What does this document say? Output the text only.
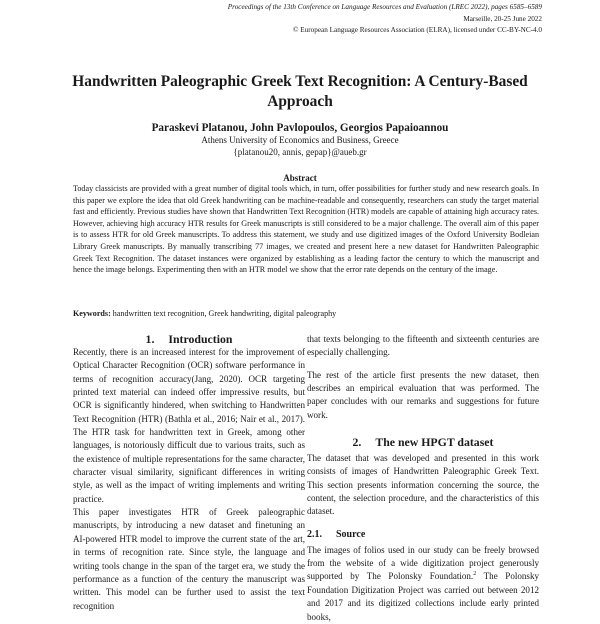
Proceedings of the 13th Conference on Language Resources and Evaluation (LREC 2022), pages 6585–6589
Marseille, 20-25 June 2022
© European Language Resources Association (ELRA), licensed under CC-BY-NC-4.0
Handwritten Paleographic Greek Text Recognition: A Century-Based Approach
Paraskevi Platanou, John Pavlopoulos, Georgios Papaioannou
Athens University of Economics and Business, Greece
{platanou20, annis, gepap}@aueb.gr
Abstract
Today classicists are provided with a great number of digital tools which, in turn, offer possibilities for further study and new research goals. In this paper we explore the idea that old Greek handwriting can be machine-readable and consequently, researchers can study the target material fast and efficiently. Previous studies have shown that Handwritten Text Recognition (HTR) models are capable of attaining high accuracy rates. However, achieving high accuracy HTR results for Greek manuscripts is still considered to be a major challenge. The overall aim of this paper is to assess HTR for old Greek manuscripts. To address this statement, we study and use digitized images of the Oxford University Bodleian Library Greek manuscripts. By manually transcribing 77 images, we created and present here a new dataset for Handwritten Paleographic Greek Text Recognition. The dataset instances were organized by establishing as a leading factor the century to which the manuscript and hence the image belongs. Experimenting then with an HTR model we show that the error rate depends on the century of the image.
Keywords: handwritten text recognition, Greek handwriting, digital paleography
1. Introduction

Recently, there is an increased interest for the improvement of Optical Character Recognition (OCR) software performance in terms of recognition accuracy(Jang, 2020). OCR targeting printed text material can indeed offer impressive results, but OCR is significantly hindered, when switching to Handwritten Text Recognition (HTR) (Bathla et al., 2016; Nair et al., 2017). The HTR task for handwritten text in Greek, among other languages, is notoriously difficult due to various traits, such as the existence of multiple representations for the same character, character visual similarity, significant differences in writing style, as well as the impact of writing implements and writing practice.

This paper investigates HTR of Greek paleographic manuscripts, by introducing a new dataset and finetuning an AI-powered HTR model to improve the current state of the art, in terms of recognition rate. Since style, the language and writing tools change in the span of the target era, we study the performance as a function of the century the manuscript was written. This model can be further used to assist the text recognition

that texts belonging to the fifteenth and sixteenth centuries are especially challenging.

The rest of the article first presents the new dataset, then describes an empirical evaluation that was performed. The paper concludes with our remarks and suggestions for future work.

2. The new HPGT dataset

The dataset that was developed and presented in this work consists of images of Handwritten Paleographic Greek Text. This section presents information concerning the source, the content, the selection procedure, and the characteristics of this dataset.

2.1. Source

The images of folios used in our study can be freely browsed from the website of a wide digitization project generously supported by The Polonsky Foundation.$^2$ The Polonsky Foundation Digitization Project was carried out between 2012 and 2017 and its digitized collections include early printed books,
